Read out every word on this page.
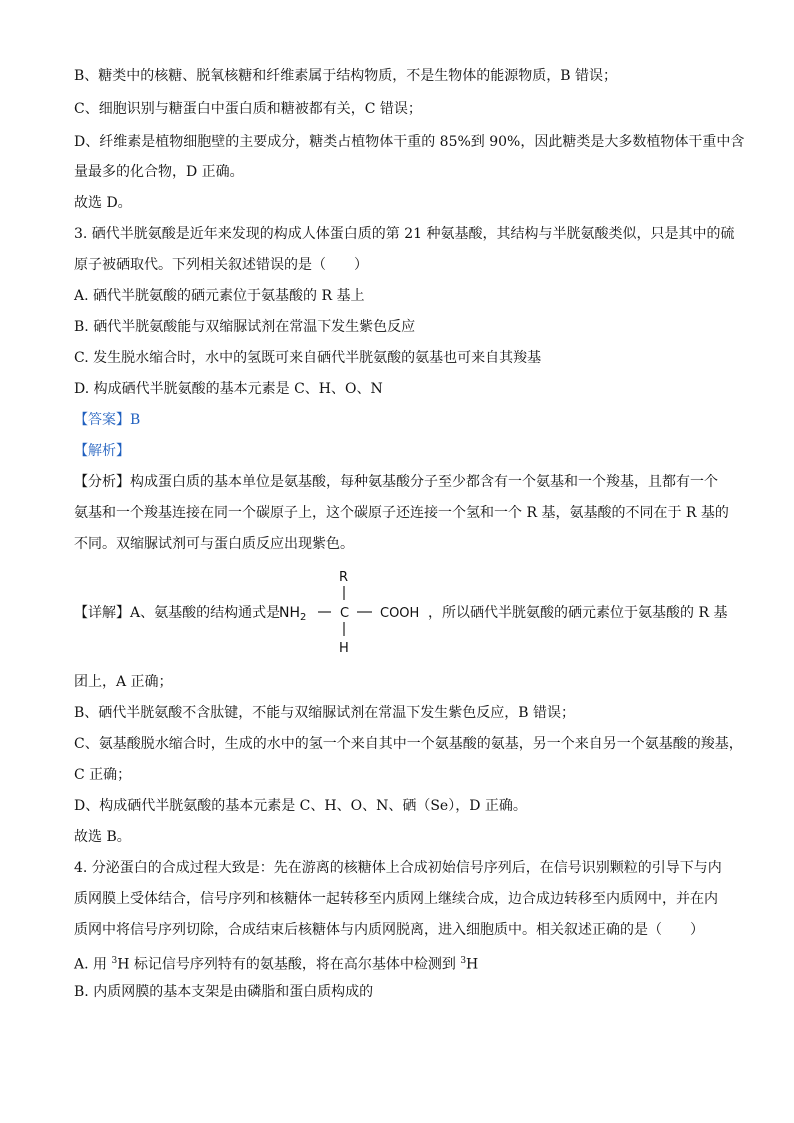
B、糖类中的核糖、脱氧核糖和纤维素属于结构物质，不是生物体的能源物质，B 错误；

C、细胞识别与糖蛋白中蛋白质和糖被都有关，C 错误；

D、纤维素是植物细胞壁的主要成分，糖类占植物体干重的 85%到 90%，因此糖类是大多数植物体干重中含

量最多的化合物，D 正确。

故选 D。

3. 硒代半胱氨酸是近年来发现的构成人体蛋白质的第 21 种氨基酸，其结构与半胱氨酸类似，只是其中的硫

原子被硒取代。下列相关叙述错误的是（　　）

A. 硒代半胱氨酸的硒元素位于氨基酸的 R 基上

B. 硒代半胱氨酸能与双缩脲试剂在常温下发生紫色反应

C. 发生脱水缩合时，水中的氢既可来自硒代半胱氨酸的氨基也可来自其羧基

D. 构成硒代半胱氨酸的基本元素是 C、H、O、N

【答案】B

【解析】

【分析】构成蛋白质的基本单位是氨基酸，每种氨基酸分子至少都含有一个氨基和一个羧基，且都有一个

氨基和一个羧基连接在同一个碳原子上，这个碳原子还连接一个氢和一个 R 基，氨基酸的不同在于 R 基的

不同。双缩脲试剂可与蛋白质反应出现紫色。

【详解】A、氨基酸的结构通式是	，所以硒代半胱氨酸的硒元素位于氨基酸的 R 基

$NH_2$	C
R
H
COOH

团上，A 正确；

B、硒代半胱氨酸不含肽键，不能与双缩脲试剂在常温下发生紫色反应，B 错误；

C、氨基酸脱水缩合时，生成的水中的氢一个来自其中一个氨基酸的氨基，另一个来自另一个氨基酸的羧基，

C 正确；

D、构成硒代半胱氨酸的基本元素是 C、H、O、N、硒（Se），D 正确。

故选 B。

4. 分泌蛋白的合成过程大致是：先在游离的核糖体上合成初始信号序列后，在信号识别颗粒的引导下与内

质网膜上受体结合，信号序列和核糖体一起转移至内质网上继续合成，边合成边转移至内质网中，并在内

质网中将信号序列切除，合成结束后核糖体与内质网脱离，进入细胞质中。相关叙述正确的是（　　）

A. 用 $^3$H 标记信号序列特有的氨基酸，将在高尔基体中检测到 $^3$H

B. 内质网膜的基本支架是由磷脂和蛋白质构成的
